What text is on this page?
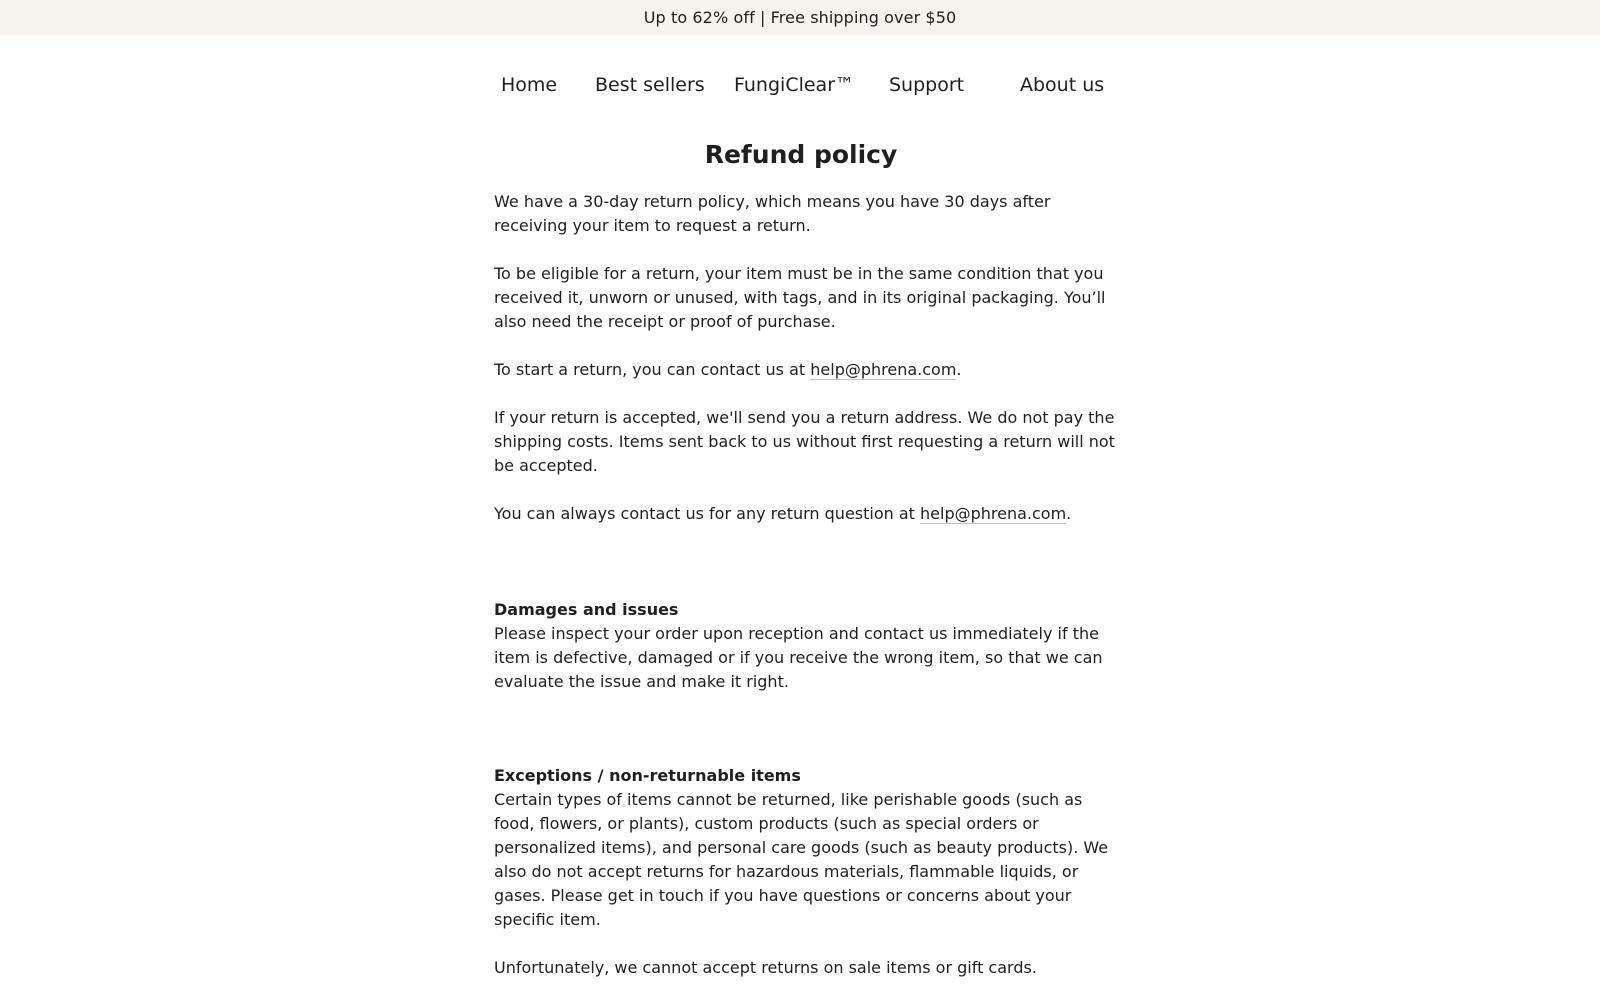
Up to 62% off | Free shipping over $50
Home Best sellers FungiClear™ Support	About us
Refund policy

We have a 30-day return policy, which means you have 30 days after receiving your item to request a return.

To be eligible for a return, your item must be in the same condition that you received it, unworn or unused, with tags, and in its original packaging. You’ll also need the receipt or proof of purchase.

To start a return, you can contact us at help@phrena.com.

If your return is accepted, we'll send you a return address. We do not pay the shipping costs. Items sent back to us without first requesting a return will not be accepted.

You can always contact us for any return question at help@phrena.com.

Damages and issues

Please inspect your order upon reception and contact us immediately if the item is defective, damaged or if you receive the wrong item, so that we can evaluate the issue and make it right.

Exceptions / non-returnable items

Certain types of items cannot be returned, like perishable goods (such as food, flowers, or plants), custom products (such as special orders or personalized items), and personal care goods (such as beauty products). We also do not accept returns for hazardous materials, flammable liquids, or gases. Please get in touch if you have questions or concerns about your specific item.

Unfortunately, we cannot accept returns on sale items or gift cards.
